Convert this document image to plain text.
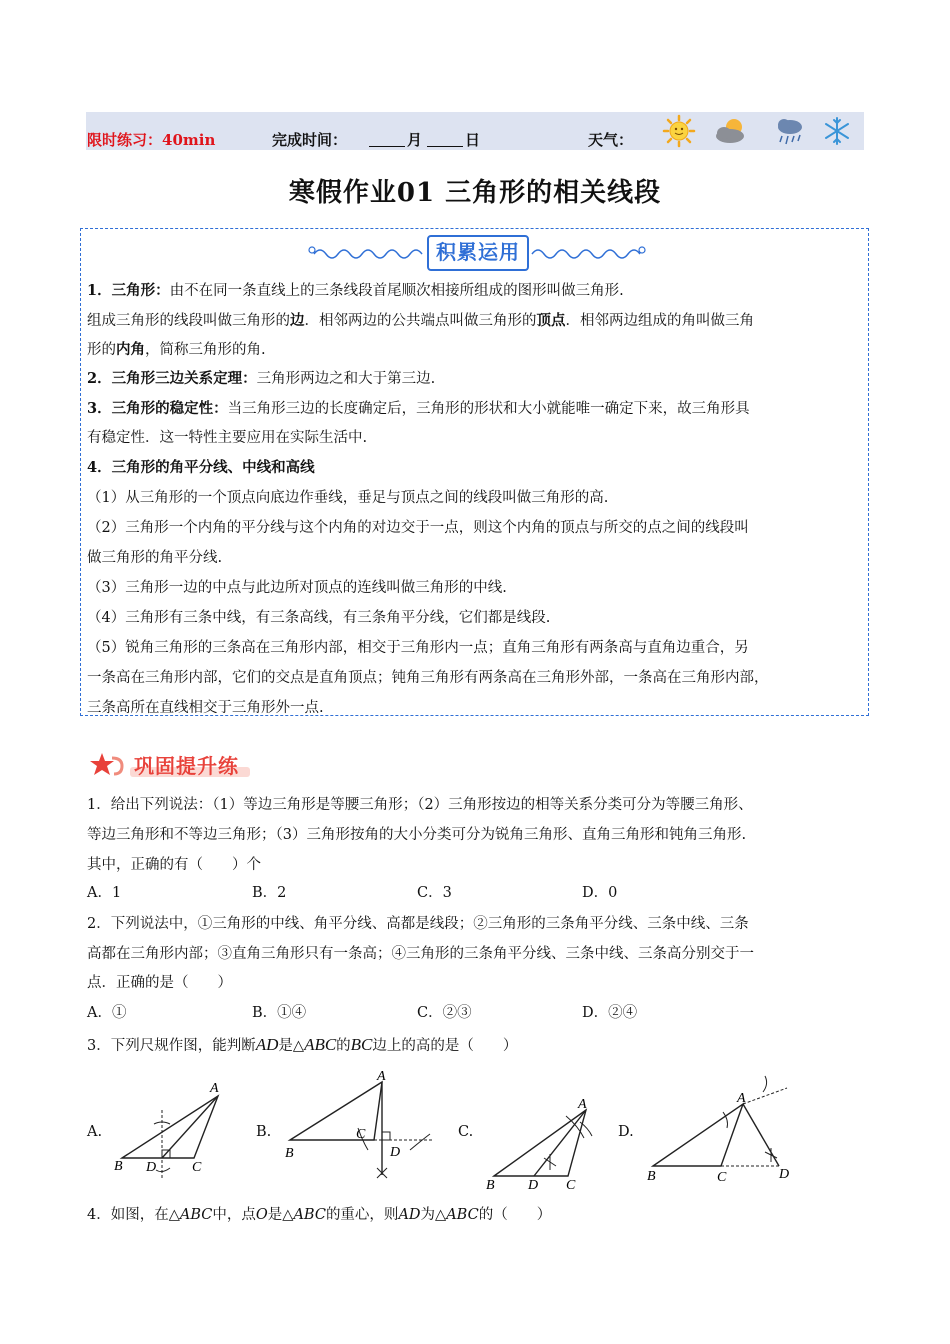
限时练习：40min	完成时间：	月	日	天气：
寒假作业01 三角形的相关线段
积累运用
1．三角形：由不在同一条直线上的三条线段首尾顺次相接所组成的图形叫做三角形.
组成三角形的线段叫做三角形的边．相邻两边的公共端点叫做三角形的顶点．相邻两边组成的角叫做三角
形的内角，简称三角形的角.
2．三角形三边关系定理：三角形两边之和大于第三边.
3．三角形的稳定性：当三角形三边的长度确定后，三角形的形状和大小就能唯一确定下来，故三角形具
有稳定性．这一特性主要应用在实际生活中.
4．三角形的角平分线、中线和高线
（1）从三角形的一个顶点向底边作垂线，垂足与顶点之间的线段叫做三角形的高.
（2）三角形一个内角的平分线与这个内角的对边交于一点，则这个内角的顶点与所交的点之间的线段叫
做三角形的角平分线.
（3）三角形一边的中点与此边所对顶点的连线叫做三角形的中线.
（4）三角形有三条中线，有三条高线，有三条角平分线，它们都是线段.
（5）锐角三角形的三条高在三角形内部，相交于三角形内一点；直角三角形有两条高与直角边重合，另
一条高在三角形内部，它们的交点是直角顶点；钝角三角形有两条高在三角形外部，一条高在三角形内部，
三条高所在直线相交于三角形外一点.
巩固提升练
1．给出下列说法：（1）等边三角形是等腰三角形；（2）三角形按边的相等关系分类可分为等腰三角形、
等边三角形和不等边三角形；（3）三角形按角的大小分类可分为锐角三角形、直角三角形和钝角三角形.
其中，正确的有（　　）个
A．1	B．2	C．3	D．0
2．下列说法中，①三角形的中线、角平分线、高都是线段；②三角形的三条角平分线、三条中线、三条
高都在三角形内部；③直角三角形只有一条高；④三角形的三条角平分线、三条中线、三条高分别交于一
点．正确的是（　　）
A．①	B．①④	C．②③	D．②④
3．下列尺规作图，能判断AD是△ABC的BC边上的高的是（　　）
A.	B.	C.	D.
A
B	C
D
A
B
C
D
A
B	C
D
A
B	C	D
4．如图，在△ABC中，点O是△ABC的重心，则AD为△ABC的（　　）
